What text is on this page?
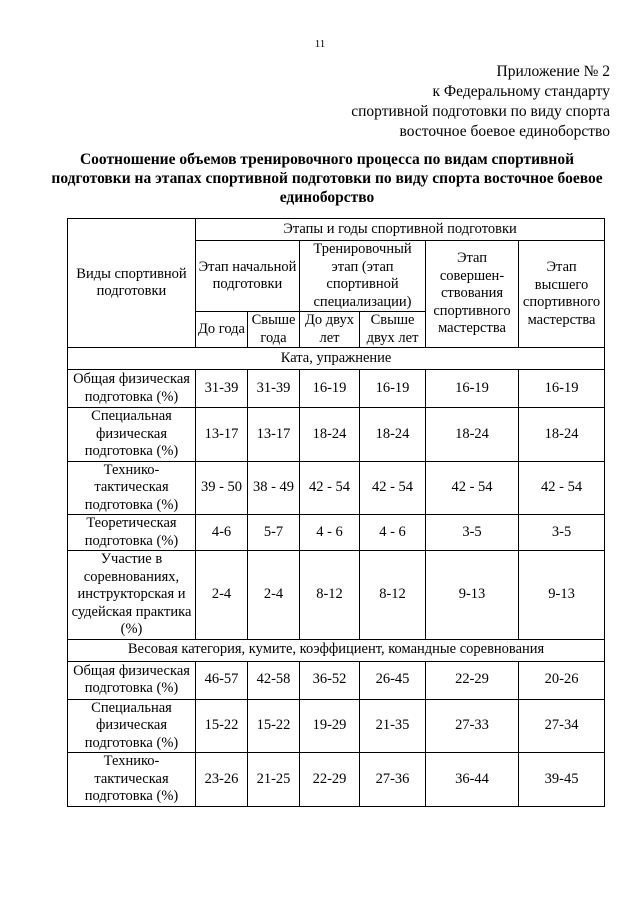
11
Приложение № 2
к Федеральному стандарту
спортивной подготовки по виду спорта
восточное боевое единоборство
Соотношение объемов тренировочного процесса по видам спортивной подготовки на этапах спортивной подготовки по виду спорта восточное боевое единоборство
Виды спортивной подготовки	Этапы и годы спортивной подготовки					
	Этап начальной подготовки		Тренировочный этап (этап спортивной специализации)		Этап совершен-ствования спортивного мастерства	Этап высшего спортивного мастерства
	До года	Свыше года	До двух лет	Свыше двух лет		
Ката, упражнение						
Общая физическая подготовка (%)	31-39	31-39	16-19	16-19	16-19	16-19
Специальная физическая подготовка (%)	13-17	13-17	18-24	18-24	18-24	18-24
Технико-тактическая подготовка (%)	39 - 50	38 - 49	42 - 54	42 - 54	42 - 54	42 - 54
Теоретическая подготовка (%)	4-6	5-7	4 - 6	4 - 6	3-5	3-5
Участие в соревнованиях, инструкторская и судейская практика (%)	2-4	2-4	8-12	8-12	9-13	9-13
Весовая категория, кумите, коэффициент, командные соревнования						
Общая физическая подготовка (%)	46-57	42-58	36-52	26-45	22-29	20-26
Специальная физическая подготовка (%)	15-22	15-22	19-29	21-35	27-33	27-34
Технико-тактическая подготовка (%)	23-26	21-25	22-29	27-36	36-44	39-45
